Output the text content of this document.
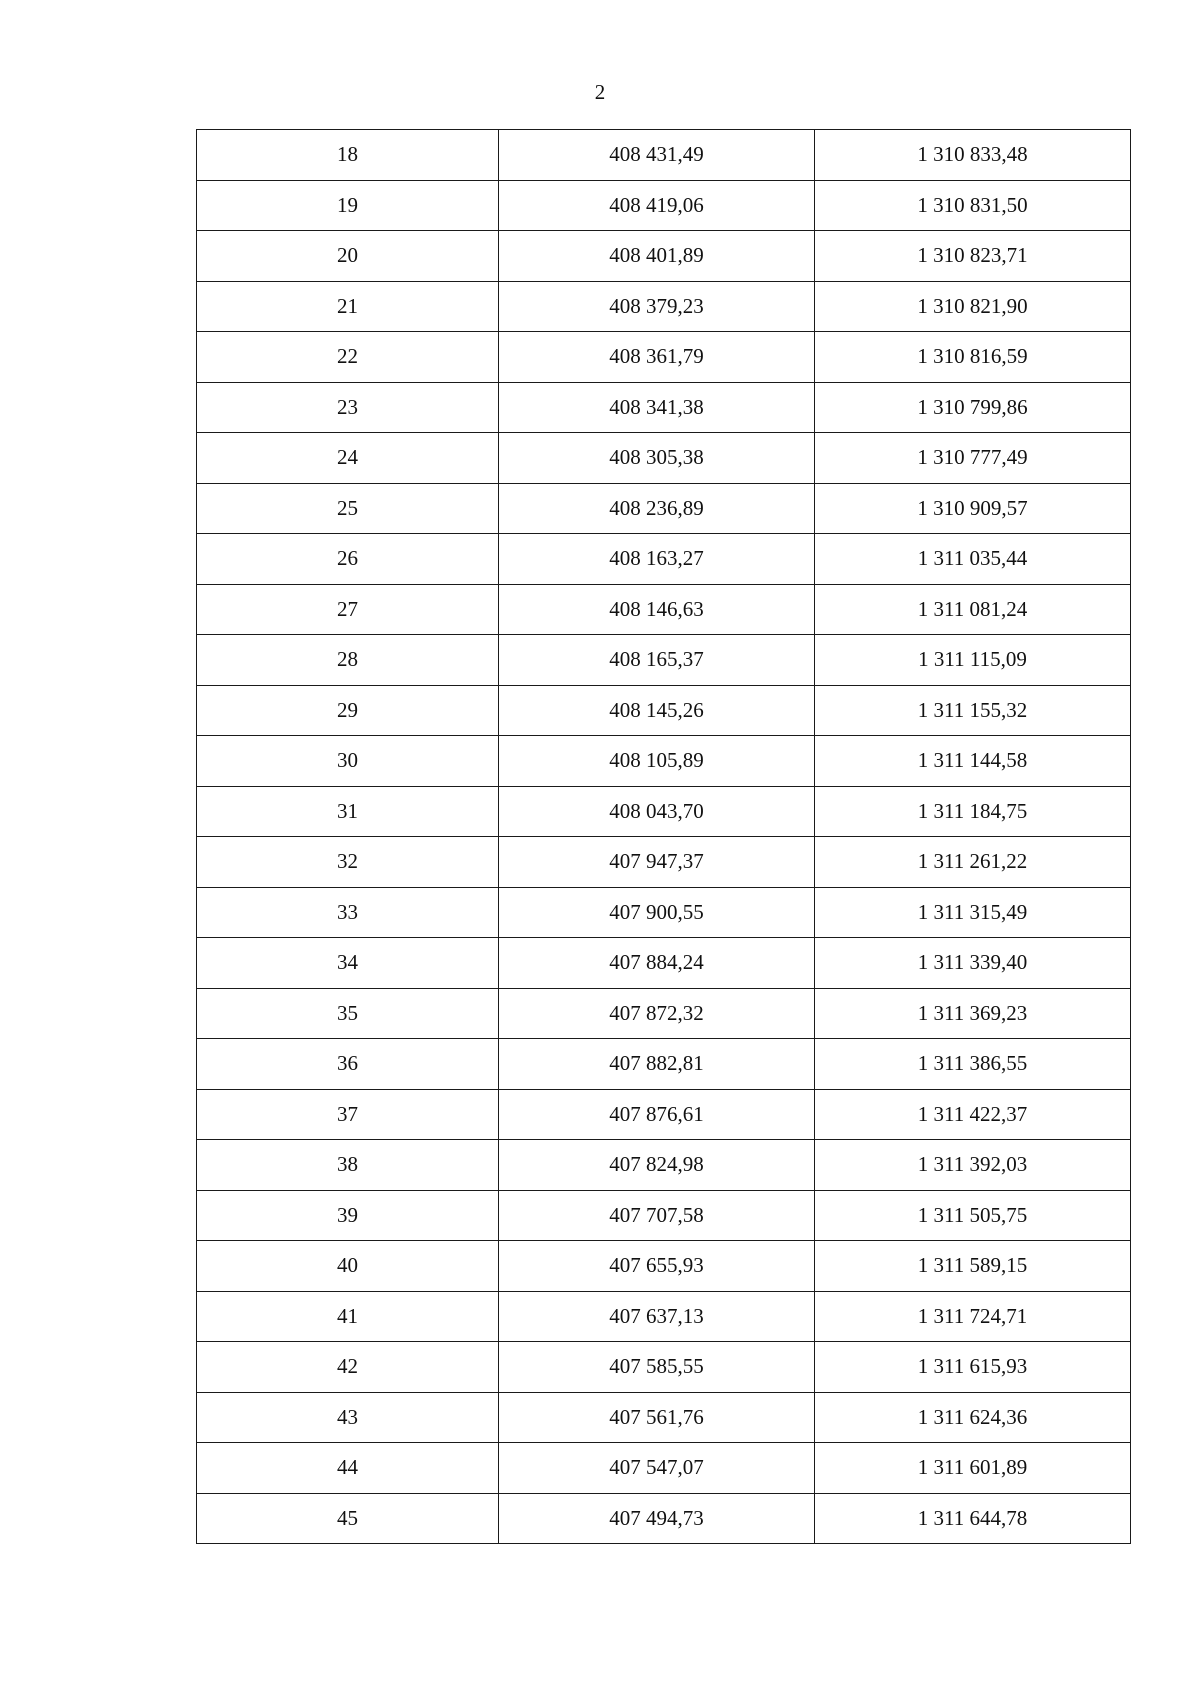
2
18	408 431,49	1 310 833,48
19	408 419,06	1 310 831,50
20	408 401,89	1 310 823,71
21	408 379,23	1 310 821,90
22	408 361,79	1 310 816,59
23	408 341,38	1 310 799,86
24	408 305,38	1 310 777,49
25	408 236,89	1 310 909,57
26	408 163,27	1 311 035,44
27	408 146,63	1 311 081,24
28	408 165,37	1 311 115,09
29	408 145,26	1 311 155,32
30	408 105,89	1 311 144,58
31	408 043,70	1 311 184,75
32	407 947,37	1 311 261,22
33	407 900,55	1 311 315,49
34	407 884,24	1 311 339,40
35	407 872,32	1 311 369,23
36	407 882,81	1 311 386,55
37	407 876,61	1 311 422,37
38	407 824,98	1 311 392,03
39	407 707,58	1 311 505,75
40	407 655,93	1 311 589,15
41	407 637,13	1 311 724,71
42	407 585,55	1 311 615,93
43	407 561,76	1 311 624,36
44	407 547,07	1 311 601,89
45	407 494,73	1 311 644,78
